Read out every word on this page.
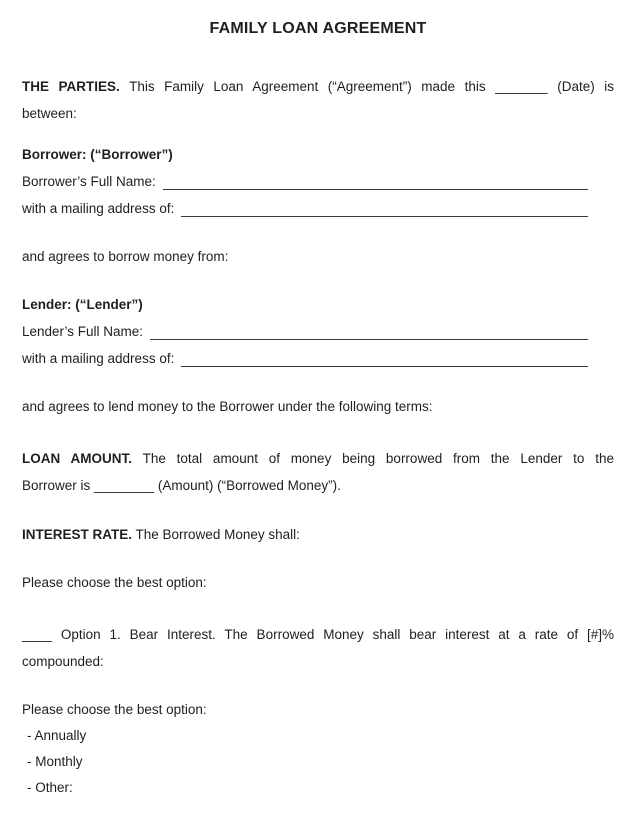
FAMILY LOAN AGREEMENT
THE PARTIES. This Family Loan Agreement (“Agreement”) made this _______ (Date) is
between:
Borrower: (“Borrower”)
Borrower’s Full Name:
with a mailing address of:
and agrees to borrow money from:
Lender: (“Lender”)
Lender’s Full Name:
with a mailing address of:
and agrees to lend money to the Borrower under the following terms:
LOAN AMOUNT. The total amount of money being borrowed from the Lender to the
Borrower is ________ (Amount) (“Borrowed Money”).
INTEREST RATE. The Borrowed Money shall:
Please choose the best option:
____ Option 1. Bear Interest. The Borrowed Money shall bear interest at a rate of [#]%
compounded:
Please choose the best option:
- Annually
- Monthly
- Other:
